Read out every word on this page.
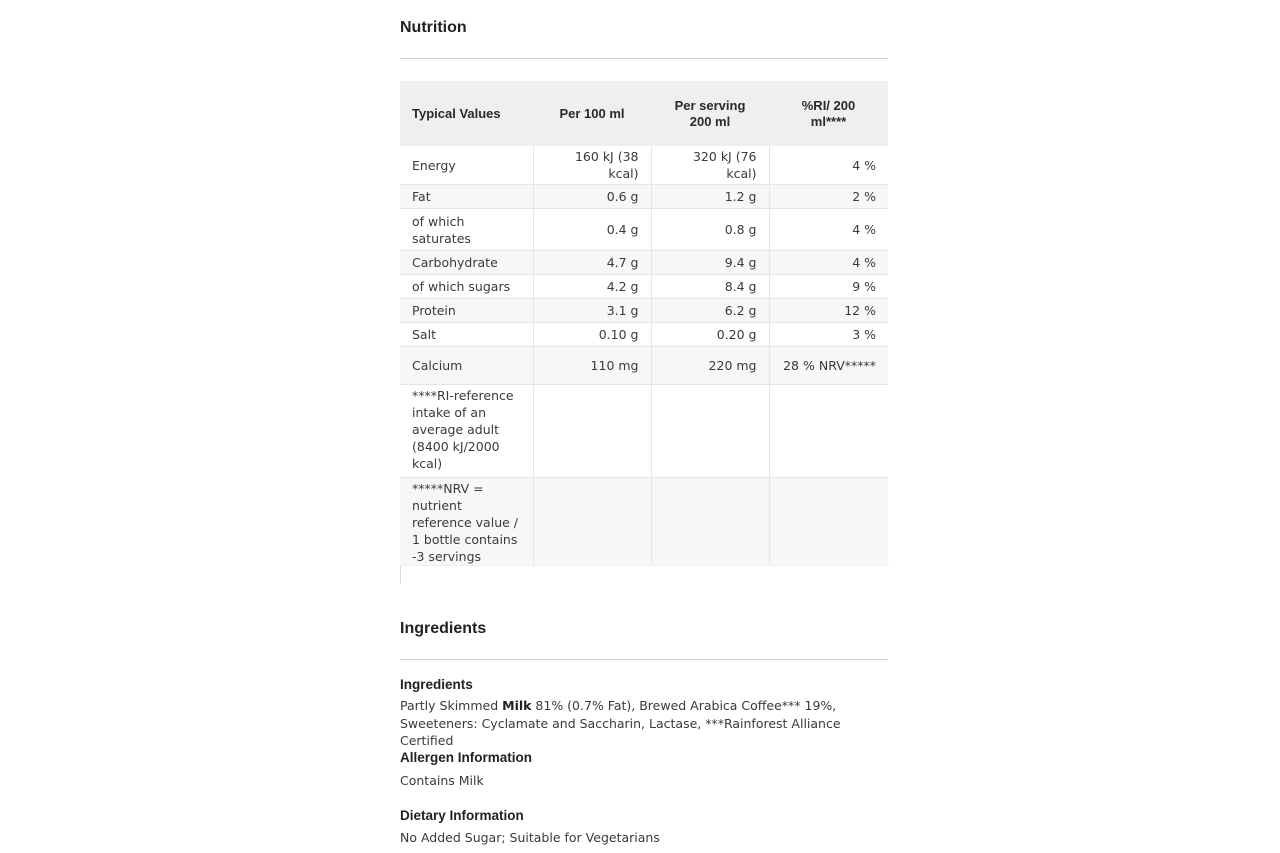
Nutrition
Typical Values	Per 100 ml	Per serving 200 ml	%RI/ 200 ml****
Energy	160 kJ (38 kcal)	320 kJ (76 kcal)	4 %
Fat	0.6 g	1.2 g	2 %
of which saturates	0.4 g	0.8 g	4 %
Carbohydrate	4.7 g	9.4 g	4 %
of which sugars	4.2 g	8.4 g	9 %
Protein	3.1 g	6.2 g	12 %
Salt	0.10 g	0.20 g	3 %
Calcium	110 mg	220 mg	28 % NRV*****
****RI-reference intake of an average adult (8400 kJ/2000 kcal)			
*****NRV = nutrient reference value / 1 bottle contains -3 servings			
Ingredients
Ingredients
Partly Skimmed Milk 81% (0.7% Fat), Brewed Arabica Coffee*** 19%, Sweeteners: Cyclamate and Saccharin, Lactase, ***Rainforest Alliance Certified
Allergen Information
Contains Milk
Dietary Information
No Added Sugar; Suitable for Vegetarians
